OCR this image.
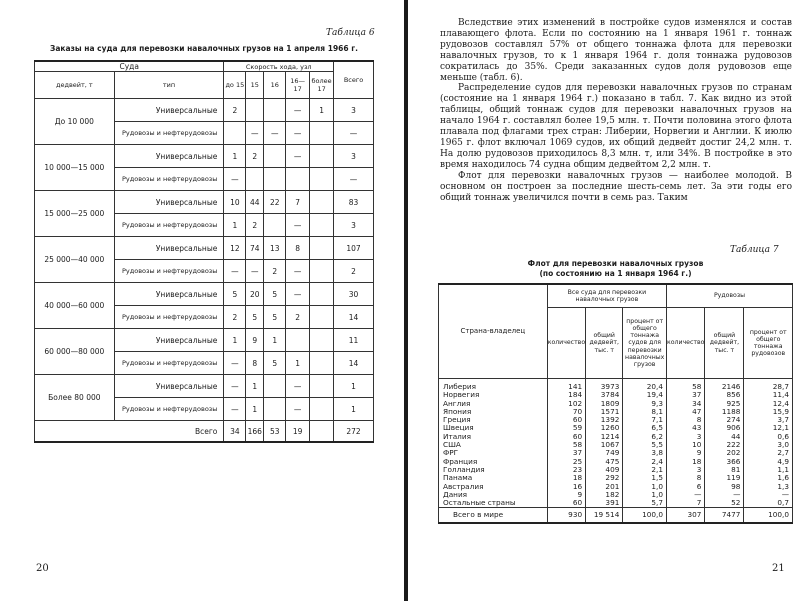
Таблица 6
Заказы на суда для перевозки навалочных грузов на 1 апреля 1966 г.
Суда		Скорость хода, узл					Всего
дедвейт, т	тип	до 15	15	16	16—17	более 17	
До 10 000	Универсальные	2			—	1	3
	Рудовозы и нефтерудовозы		—	—	—		—
10 000—15 000	Универсальные	1	2		—		3
	Рудовозы и нефтерудовозы	—					—
15 000—25 000	Универсальные	10	44	22	7		83
	Рудовозы и нефтерудовозы	1	2		—		3
25 000—40 000	Универсальные	12	74	13	8		107
	Рудовозы и нефтерудовозы	—	—	2	—		2
40 000—60 000	Универсальные	5	20	5	—		30
	Рудовозы и нефтерудовозы	2	5	5	2		14
60 000—80 000	Универсальные	1	9	1			11
	Рудовозы и нефтерудовозы	—	8	5	1		14
Более 80 000	Универсальные	—	1		—		1
	Рудовозы и нефтерудовозы	—	1		—		1
Всего		34	166	53	19		272
20

Вследствие этих изменений в постройке судов изменялся и состав плавающего флота. Если по состоянию на 1 января 1961 г. тоннаж рудовозов составлял 57% от общего тоннажа флота для перевозки навалочных грузов, то к 1 января 1964 г. доля тоннажа рудовозов сократилась до 35%. Среди заказанных судов доля рудовозов еще меньше (табл. 6).

Распределение судов для перевозки навалочных грузов по странам (состояние на 1 января 1964 г.) показано в табл. 7. Как видно из этой таблицы, общий тоннаж судов для перевозки навалочных грузов на начало 1964 г. составлял более 19,5 млн. т. Почти половина этого флота плавала под флагами трех стран: Либерии, Норвегии и Англии. К июлю 1965 г. флот включал 1069 судов, их общий дедвейт достиг 24,2 млн. т. На долю рудовозов приходилось 8,3 млн. т, или 34%. В постройке в это время находилось 74 судна общим дедвейтом 2,2 млн. т.

Флот для перевозки навалочных грузов — наиболее молодой. В основном он построен за последние шесть-семь лет. За эти годы его общий тоннаж увеличился почти в семь раз. Таким

Таблица 7
Флот для перевозки навалочных грузов
(по состоянию на 1 января 1964 г.)
Страна-владелец	Все суда для перевозки навалочных грузов			Рудовозы		
	количество	общий дедвейт, тыс. т	процент от общего тоннажа судов для перевозки навалочных грузов	количество	общий дедвейт, тыс. т	процент от общего тоннажа рудовозов
Либерия	141	3973	20,4	58	2146	28,7
Норвегия	184	3784	19,4	37	856	11,4
Англия	102	1809	9,3	34	925	12,4
Япония	70	1571	8,1	47	1188	15,9
Греция	60	1392	7,1	8	274	3,7
Швеция	59	1260	6,5	43	906	12,1
Италия	60	1214	6,2	3	44	0,6
США	58	1067	5,5	10	222	3,0
ФРГ	37	749	3,8	9	202	2,7
Франция	25	475	2,4	18	366	4,9
Голландия	23	409	2,1	3	81	1,1
Панама	18	292	1,5	8	119	1,6
Австралия	16	201	1,0	6	98	1,3
Дания	9	182	1,0	—	—	—
Остальные страны	60	391	5,7	7	52	0,7
Всего в мире	930	19 514	100,0	307	7477	100,0
21
